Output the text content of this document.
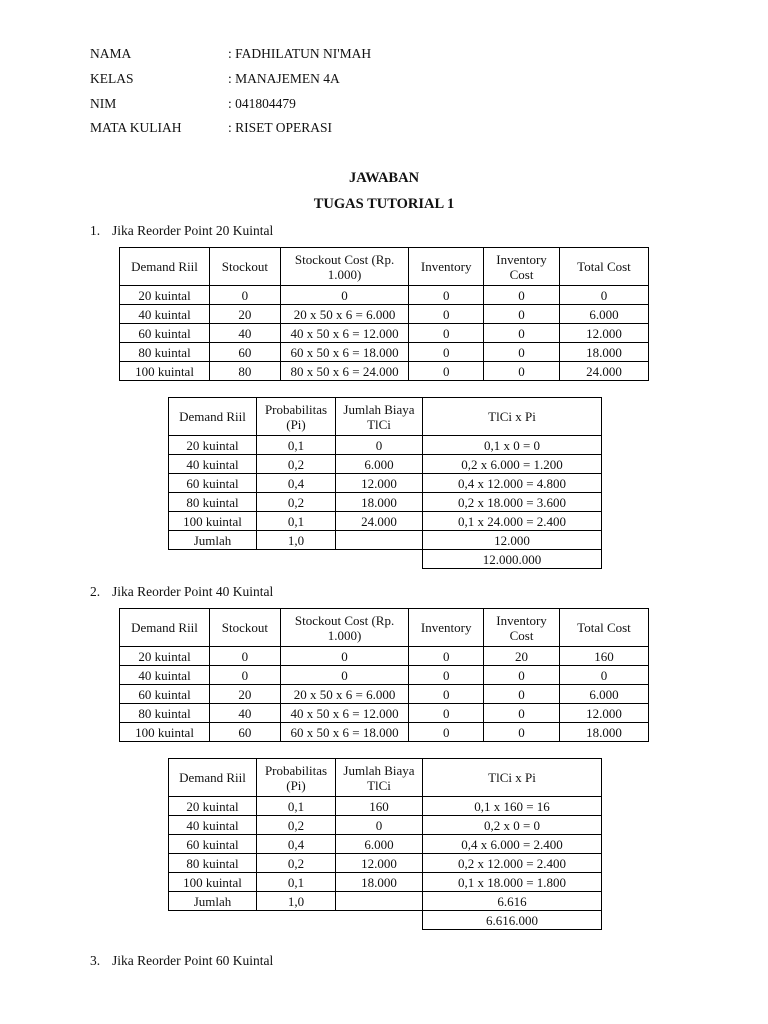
NAMA	: FADHILATUN NI'MAH
KELAS	: MANAJEMEN 4A
NIM	: 041804479
MATA KULIAH	: RISET OPERASI
JAWABAN
TUGAS TUTORIAL 1
1. Jika Reorder Point 20 Kuintal
Demand Riil	Stockout	Stockout Cost (Rp. 1.000)	Inventory	Inventory Cost	Total Cost
20 kuintal	0	0	0	0	0
40 kuintal	20	20 x 50 x 6 = 6.000	0	0	6.000
60 kuintal	40	40 x 50 x 6 = 12.000	0	0	12.000
80 kuintal	60	60 x 50 x 6 = 18.000	0	0	18.000
100 kuintal	80	80 x 50 x 6 = 24.000	0	0	24.000
Demand Riil	Probabilitas (Pi)	Jumlah Biaya TlCi	TlCi x Pi
20 kuintal	0,1	0	0,1 x 0 = 0
40 kuintal	0,2	6.000	0,2 x 6.000 = 1.200
60 kuintal	0,4	12.000	0,4 x 12.000 = 4.800
80 kuintal	0,2	18.000	0,2 x 18.000 = 3.600
100 kuintal	0,1	24.000	0,1 x 24.000 = 2.400
Jumlah	1,0		12.000
			12.000.000
2. Jika Reorder Point 40 Kuintal
Demand Riil	Stockout	Stockout Cost (Rp. 1.000)	Inventory	Inventory Cost	Total Cost
20 kuintal	0	0	0	20	160
40 kuintal	0	0	0	0	0
60 kuintal	20	20 x 50 x 6 = 6.000	0	0	6.000
80 kuintal	40	40 x 50 x 6 = 12.000	0	0	12.000
100 kuintal	60	60 x 50 x 6 = 18.000	0	0	18.000
Demand Riil	Probabilitas (Pi)	Jumlah Biaya TlCi	TlCi x Pi
20 kuintal	0,1	160	0,1 x 160 = 16
40 kuintal	0,2	0	0,2 x 0 = 0
60 kuintal	0,4	6.000	0,4 x 6.000 = 2.400
80 kuintal	0,2	12.000	0,2 x 12.000 = 2.400
100 kuintal	0,1	18.000	0,1 x 18.000 = 1.800
Jumlah	1,0		6.616
			6.616.000
3. Jika Reorder Point 60 Kuintal
